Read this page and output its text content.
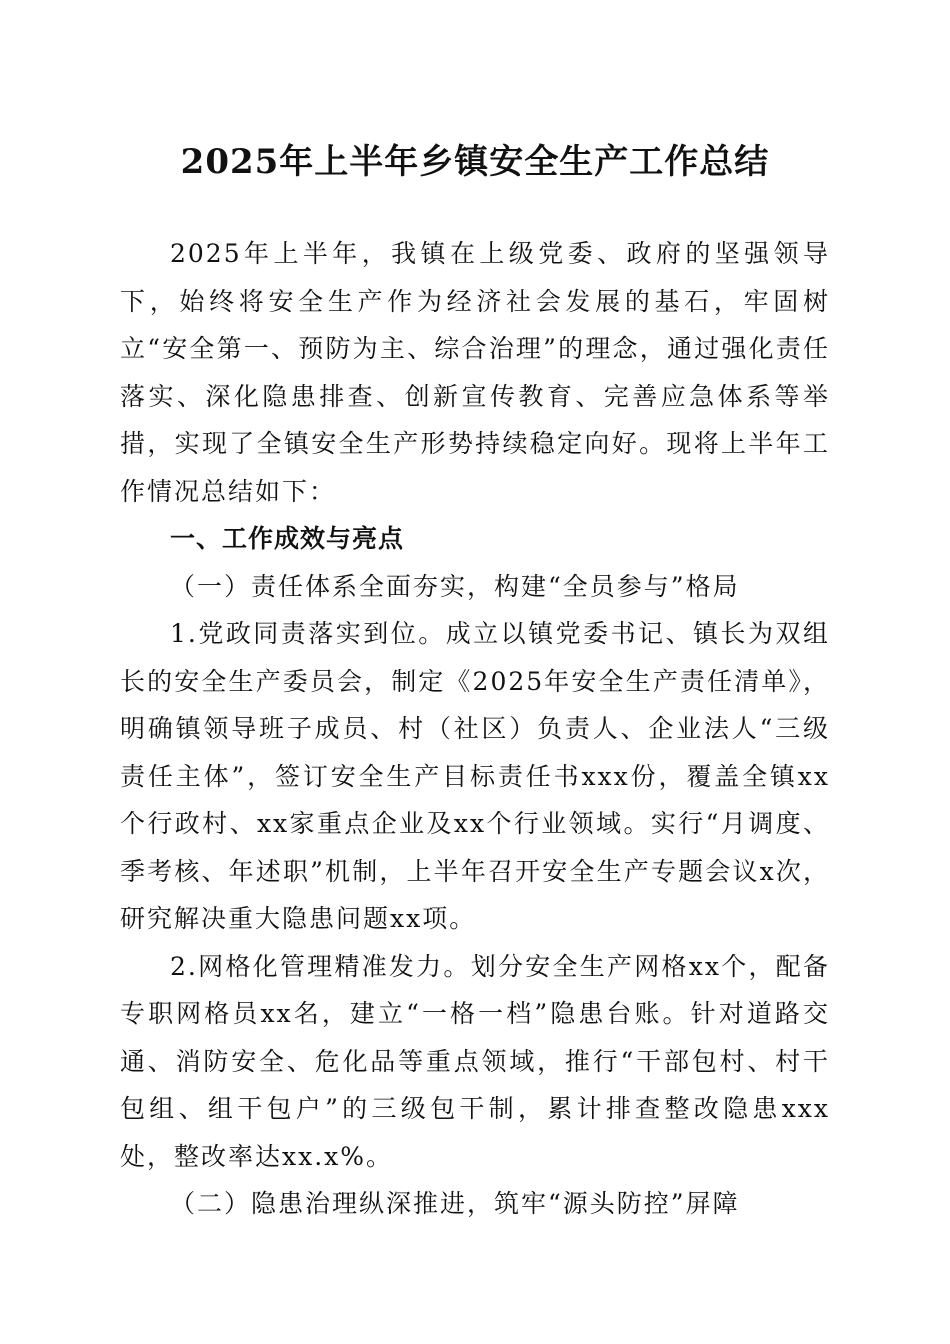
2025年上半年乡镇安全生产工作总结

2025年上半年，我镇在上级党委、政府的坚强领导下，始终将安全生产作为经济社会发展的基石，牢固树立“安全第一、预防为主、综合治理”的理念，通过强化责任落实、深化隐患排查、创新宣传教育、完善应急体系等举措，实现了全镇安全生产形势持续稳定向好。现将上半年工作情况总结如下：

一、工作成效与亮点

（一）责任体系全面夯实，构建“全员参与”格局

1.党政同责落实到位。成立以镇党委书记、镇长为双组长的安全生产委员会，制定《2025年安全生产责任清单》，明确镇领导班子成员、村（社区）负责人、企业法人“三级责任主体”，签订安全生产目标责任书xxx份，覆盖全镇xx个行政村、xx家重点企业及xx个行业领域。实行“月调度、季考核、年述职”机制，上半年召开安全生产专题会议x次，研究解决重大隐患问题xx项。

2.网格化管理精准发力。划分安全生产网格xx个，配备专职网格员xx名，建立“一格一档”隐患台账。针对道路交通、消防安全、危化品等重点领域，推行“干部包村、村干包组、组干包户”的三级包干制，累计排查整改隐患xxx处，整改率达xx.x%。

（二）隐患治理纵深推进，筑牢“源头防控”屏障
